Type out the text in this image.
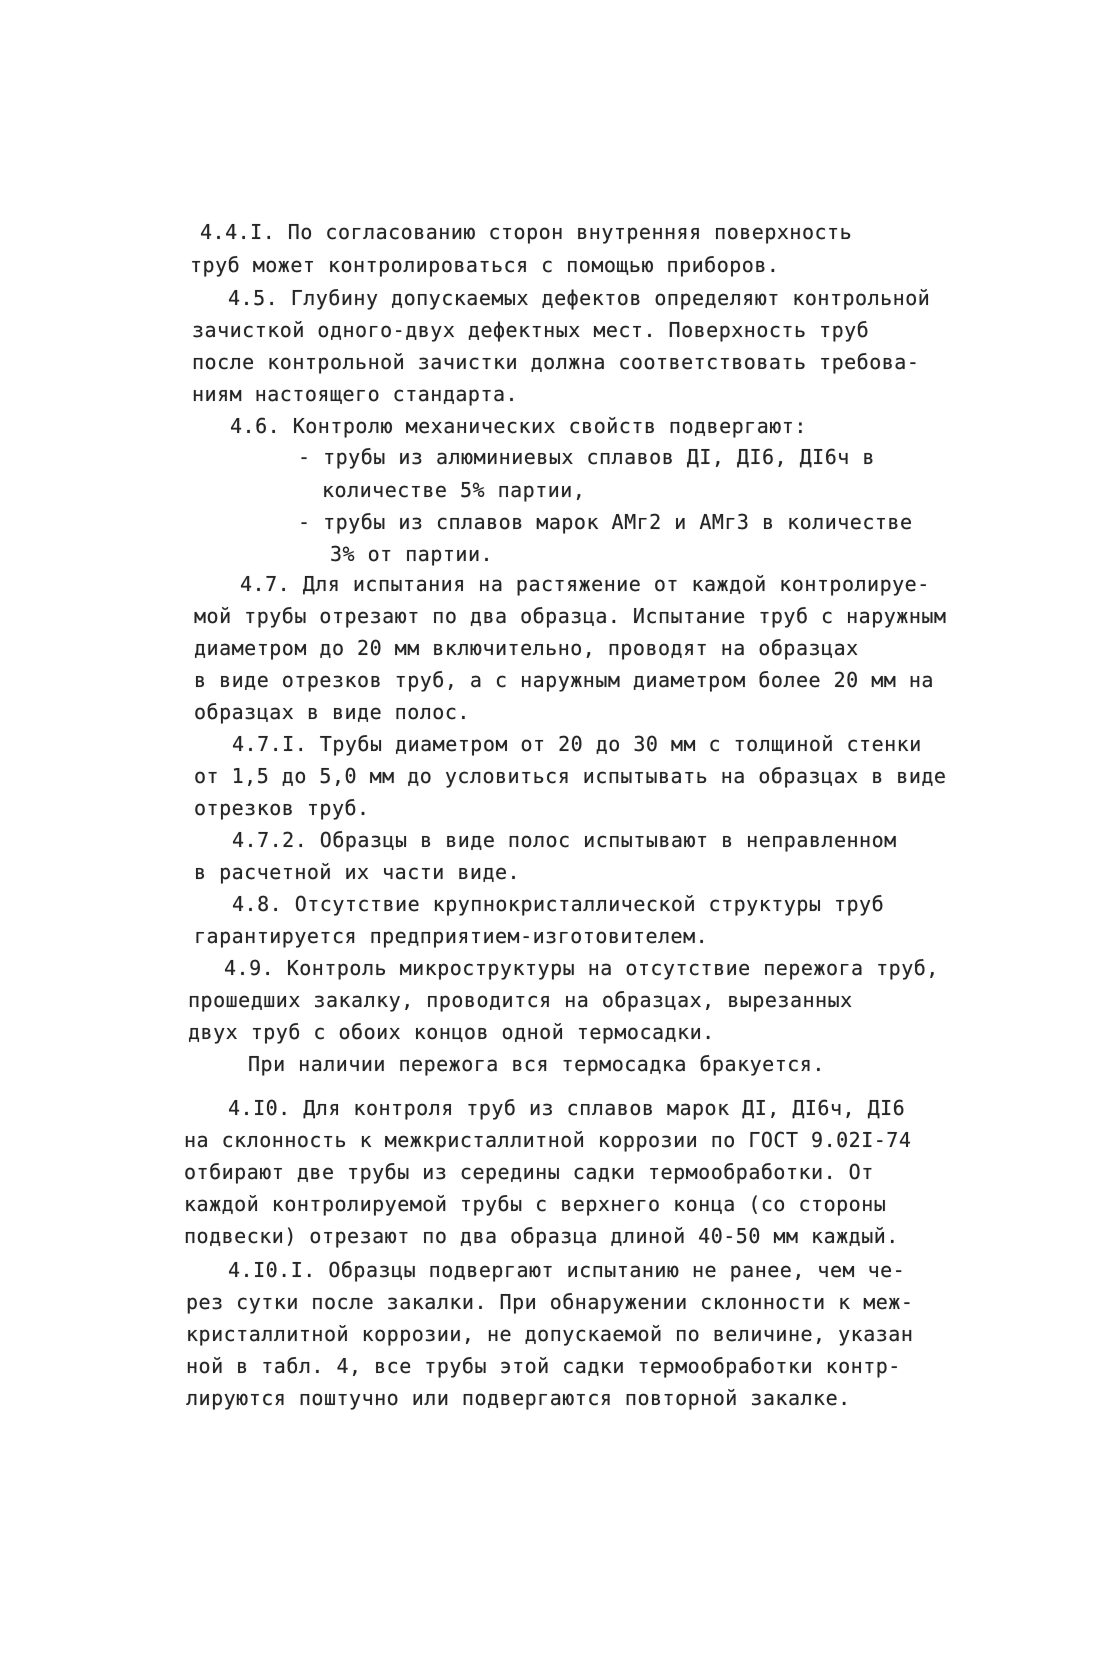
4.4.I. По согласованию сторон внутренняя поверхность
труб может контролироваться с помощью приборов.
4.5. Глубину допускаемых дефектов определяют контрольной
зачисткой одного-двух дефектных мест. Поверхность труб
после контрольной зачистки должна соответствовать требова-
ниям настоящего стандарта.
4.6. Контролю механических свойств подвергают:
- трубы из алюминиевых сплавов ДI, ДI6, ДI6ч в
количестве 5% партии,
- трубы из сплавов марок АМг2 и АМг3 в количестве
3% от партии.
4.7. Для испытания на растяжение от каждой контролируе-
мой трубы отрезают по два образца. Испытание труб с наружным
диаметром до 20 мм включительно, проводят на образцах
в виде отрезков труб, а с наружным диаметром более 20 мм на
образцах в виде полос.
4.7.I. Трубы диаметром от 20 до 30 мм с толщиной стенки
от 1,5 до 5,0 мм до условиться испытывать на образцах в виде
отрезков труб.
4.7.2. Образцы в виде полос испытывают в неправленном
в расчетной их части виде.
4.8. Отсутствие крупнокристаллической структуры труб
гарантируется предприятием-изготовителем.
4.9. Контроль микроструктуры на отсутствие пережога труб,
прошедших закалку, проводится на образцах, вырезанных
двух труб с обоих концов одной термосадки.
При наличии пережога вся термосадка бракуется.
4.I0. Для контроля труб из сплавов марок ДI, ДI6ч, ДI6
на склонность к межкристаллитной коррозии по ГОСТ 9.02I-74
отбирают две трубы из середины садки термообработки. От
каждой контролируемой трубы с верхнего конца (со стороны
подвески) отрезают по два образца длиной 40-50 мм каждый.
4.I0.I. Образцы подвергают испытанию не ранее, чем че-
рез сутки после закалки. При обнаружении склонности к меж-
кристаллитной коррозии, не допускаемой по величине, указан
ной в табл. 4, все трубы этой садки термообработки контр-
лируются поштучно или подвергаются повторной закалке.
